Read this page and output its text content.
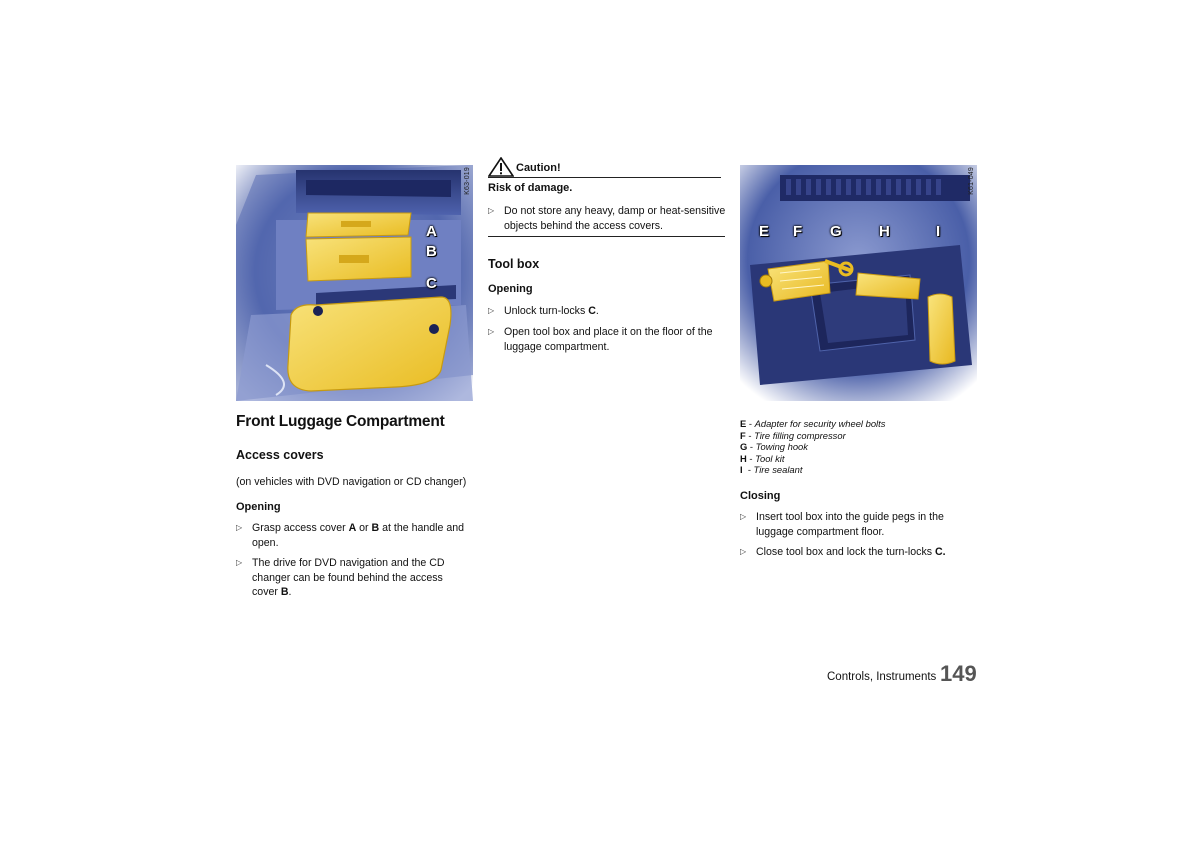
K63-019
A
B
C
K61-049
E F G H	I
Front Luggage Compartment
Access covers
(on vehicles with DVD navigation or CD changer)
Opening
▷ Grasp access cover A or B at the handle and open.
▷ The drive for DVD navigation and the CD changer can be found behind the access cover B.
Caution!
Risk of damage.
▷ Do not store any heavy, damp or heat-sensitive objects behind the access covers.
Tool box
Opening
▷ Unlock turn-locks C.
▷ Open tool box and place it on the floor of the luggage compartment.
E - Adapter for security wheel bolts
F - Tire filling compressor
G - Towing hook
H - Tool kit
I  - Tire sealant
Closing
▷ Insert tool box into the guide pegs in the luggage compartment floor.
▷ Close tool box and lock the turn-locks C.
Controls, Instruments 149
